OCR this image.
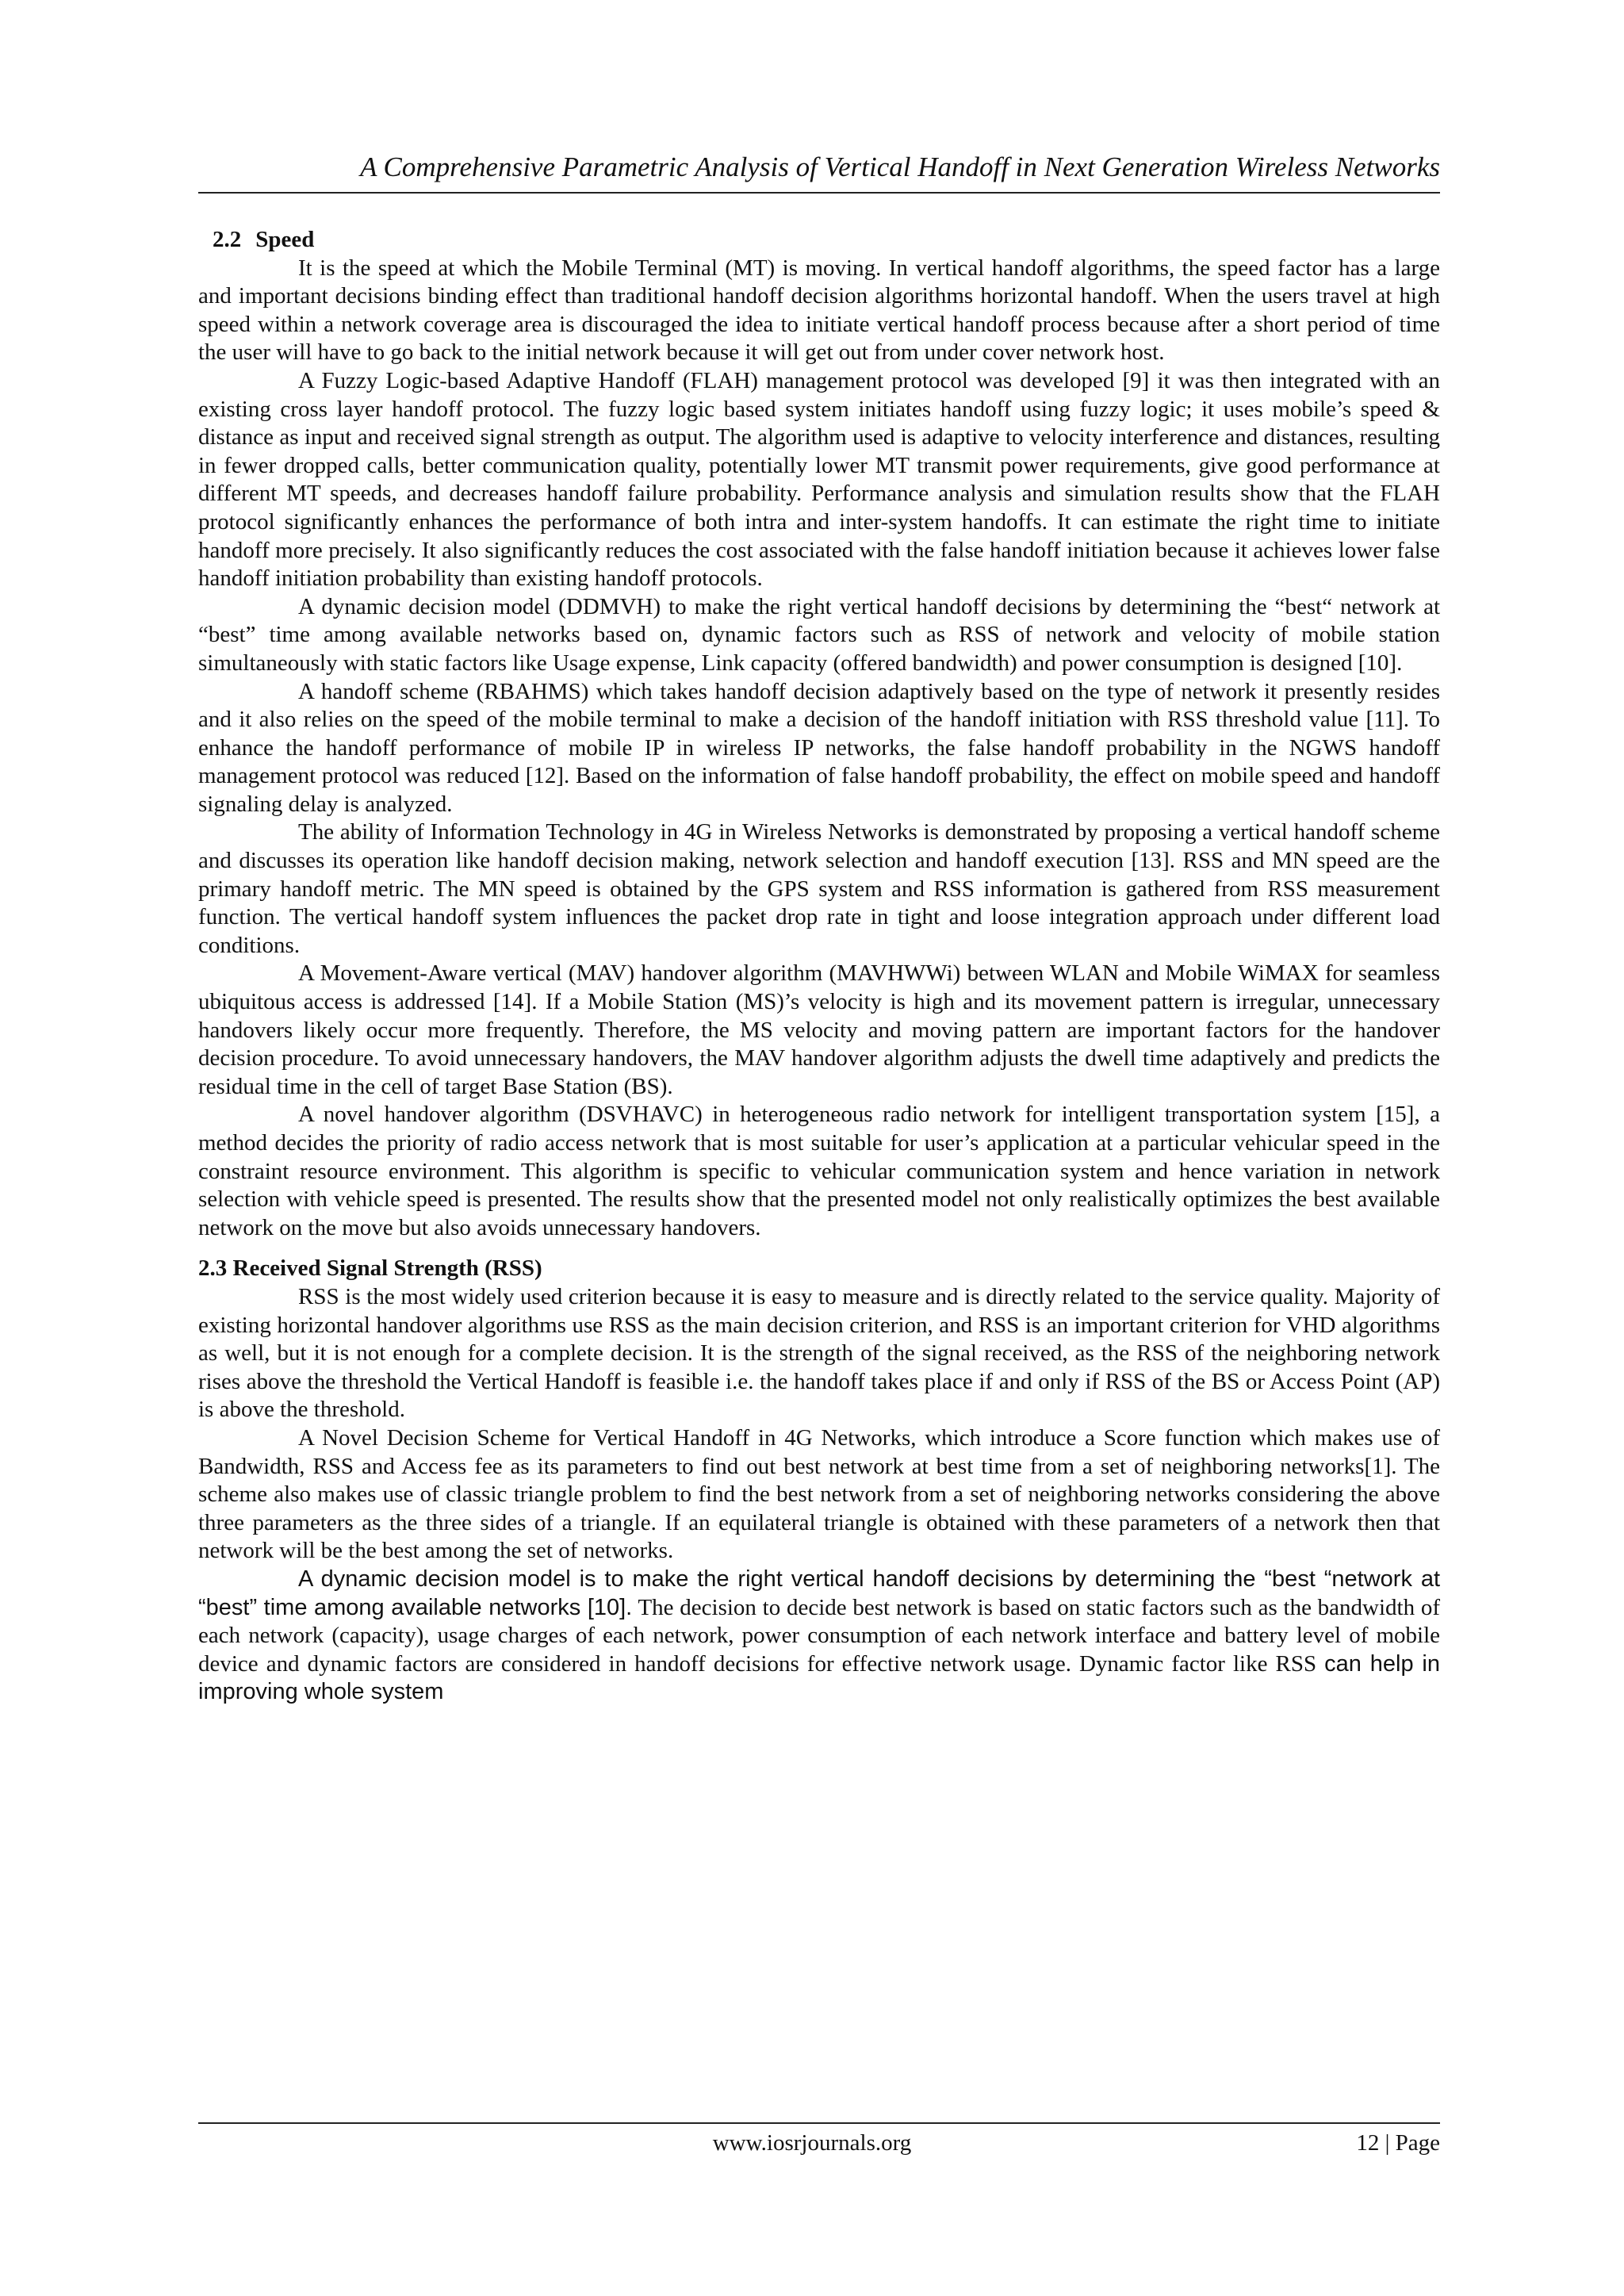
A Comprehensive Parametric Analysis of Vertical Handoff in Next Generation Wireless Networks
2.2 Speed

It is the speed at which the Mobile Terminal (MT) is moving. In vertical handoff algorithms, the speed factor has a large and important decisions binding effect than traditional handoff decision algorithms horizontal handoff. When the users travel at high speed within a network coverage area is discouraged the idea to initiate vertical handoff process because after a short period of time the user will have to go back to the initial network because it will get out from under cover network host.

A Fuzzy Logic-based Adaptive Handoff (FLAH) management protocol was developed [9] it was then integrated with an existing cross layer handoff protocol. The fuzzy logic based system initiates handoff using fuzzy logic; it uses mobile’s speed & distance as input and received signal strength as output. The algorithm used is adaptive to velocity interference and distances, resulting in fewer dropped calls, better communication quality, potentially lower MT transmit power requirements, give good performance at different MT speeds, and decreases handoff failure probability. Performance analysis and simulation results show that the FLAH protocol significantly enhances the performance of both intra and inter-system handoffs. It can estimate the right time to initiate handoff more precisely. It also significantly reduces the cost associated with the false handoff initiation because it achieves lower false handoff initiation probability than existing handoff protocols.

A dynamic decision model (DDMVH) to make the right vertical handoff decisions by determining the “best“ network at “best” time among available networks based on, dynamic factors such as RSS of network and velocity of mobile station simultaneously with static factors like Usage expense, Link capacity (offered bandwidth) and power consumption is designed [10].

A handoff scheme (RBAHMS) which takes handoff decision adaptively based on the type of network it presently resides and it also relies on the speed of the mobile terminal to make a decision of the handoff initiation with RSS threshold value [11]. To enhance the handoff performance of mobile IP in wireless IP networks, the false handoff probability in the NGWS handoff management protocol was reduced [12]. Based on the information of false handoff probability, the effect on mobile speed and handoff signaling delay is analyzed.

The ability of Information Technology in 4G in Wireless Networks is demonstrated by proposing a vertical handoff scheme and discusses its operation like handoff decision making, network selection and handoff execution [13]. RSS and MN speed are the primary handoff metric. The MN speed is obtained by the GPS system and RSS information is gathered from RSS measurement function. The vertical handoff system influences the packet drop rate in tight and loose integration approach under different load conditions.

A Movement-Aware vertical (MAV) handover algorithm (MAVHWWi) between WLAN and Mobile WiMAX for seamless ubiquitous access is addressed [14]. If a Mobile Station (MS)’s velocity is high and its movement pattern is irregular, unnecessary handovers likely occur more frequently. Therefore, the MS velocity and moving pattern are important factors for the handover decision procedure. To avoid unnecessary handovers, the MAV handover algorithm adjusts the dwell time adaptively and predicts the residual time in the cell of target Base Station (BS).

A novel handover algorithm (DSVHAVC) in heterogeneous radio network for intelligent transportation system [15], a method decides the priority of radio access network that is most suitable for user’s application at a particular vehicular speed in the constraint resource environment. This algorithm is specific to vehicular communication system and hence variation in network selection with vehicle speed is presented. The results show that the presented model not only realistically optimizes the best available network on the move but also avoids unnecessary handovers.

2.3 Received Signal Strength (RSS)

RSS is the most widely used criterion because it is easy to measure and is directly related to the service quality. Majority of existing horizontal handover algorithms use RSS as the main decision criterion, and RSS is an important criterion for VHD algorithms as well, but it is not enough for a complete decision. It is the strength of the signal received, as the RSS of the neighboring network rises above the threshold the Vertical Handoff is feasible i.e. the handoff takes place if and only if RSS of the BS or Access Point (AP) is above the threshold.

A Novel Decision Scheme for Vertical Handoff in 4G Networks, which introduce a Score function which makes use of Bandwidth, RSS and Access fee as its parameters to find out best network at best time from a set of neighboring networks[1]. The scheme also makes use of classic triangle problem to find the best network from a set of neighboring networks considering the above three parameters as the three sides of a triangle. If an equilateral triangle is obtained with these parameters of a network then that network will be the best among the set of networks.

A dynamic decision model is to make the right vertical handoff decisions by determining the “best “network at “best” time among available networks [10]. The decision to decide best network is based on static factors such as the bandwidth of each network (capacity), usage charges of each network, power consumption of each network interface and battery level of mobile device and dynamic factors are considered in handoff decisions for effective network usage. Dynamic factor like RSS can help in improving whole system

www.iosrjournals.org	12 | Page
